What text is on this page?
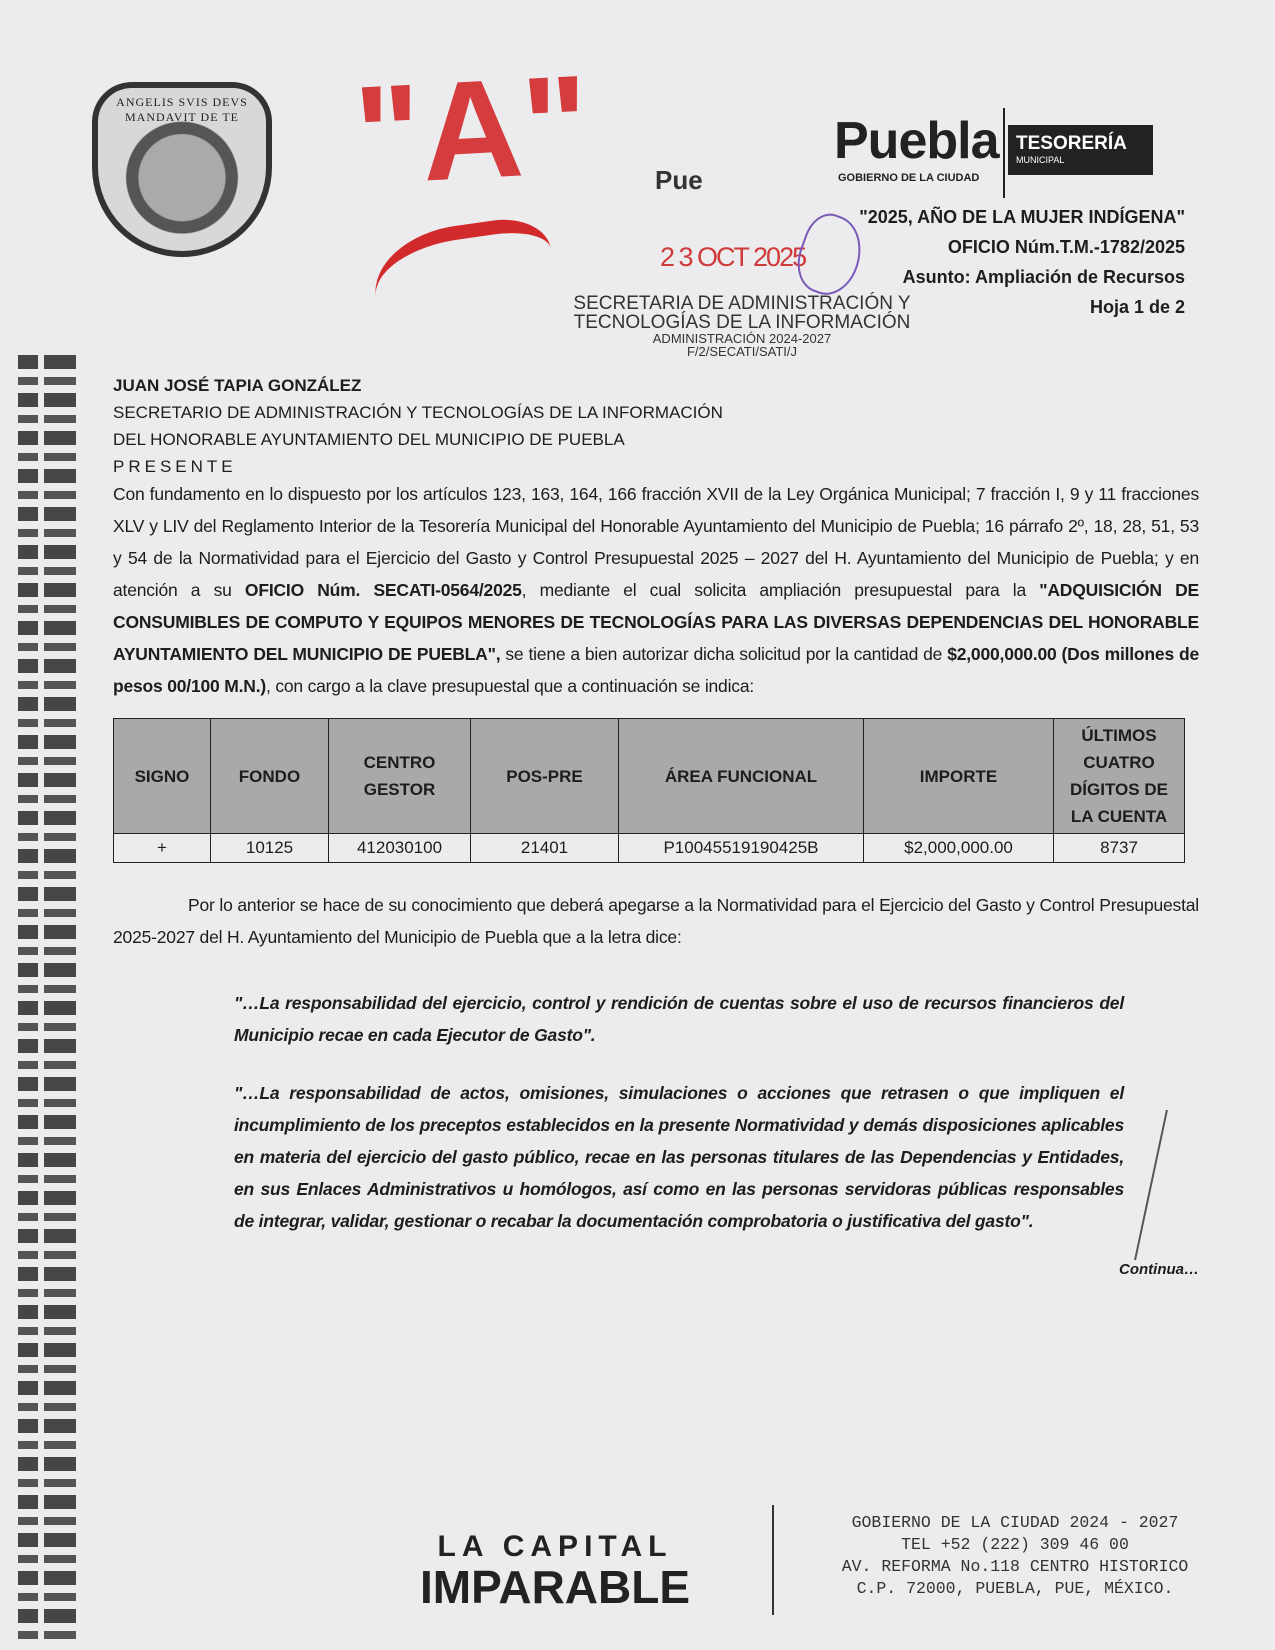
ANGELIS SVIS DEVS MANDAVIT DE TE "A" Pue
Puebla
GOBIERNO DE LA CIUDAD
TESORERÍA
MUNICIPAL
"2025, AÑO DE LA MUJER INDÍGENA"
OFICIO Núm.T.M.-1782/2025
Asunto: Ampliación de Recursos
Hoja 1 de 2
2 3 OCT 2025
SECRETARIA DE ADMINISTRACIÓN Y
TECNOLOGÍAS DE LA INFORMACIÓN
ADMINISTRACIÓN 2024-2027
F/2/SECATI/SATI/J
JUAN JOSÉ TAPIA GONZÁLEZ
SECRETARIO DE ADMINISTRACIÓN Y TECNOLOGÍAS DE LA INFORMACIÓN
DEL HONORABLE AYUNTAMIENTO DEL MUNICIPIO DE PUEBLA
PRESENTE
Con fundamento en lo dispuesto por los artículos 123, 163, 164, 166 fracción XVII de la Ley Orgánica Municipal; 7 fracción I, 9 y 11 fracciones XLV y LIV del Reglamento Interior de la Tesorería Municipal del Honorable Ayuntamiento del Municipio de Puebla; 16 párrafo 2º, 18, 28, 51, 53 y 54 de la Normatividad para el Ejercicio del Gasto y Control Presupuestal 2025 – 2027 del H. Ayuntamiento del Municipio de Puebla; y en atención a su OFICIO Núm. SECATI-0564/2025, mediante el cual solicita ampliación presupuestal para la "ADQUISICIÓN DE CONSUMIBLES DE COMPUTO Y EQUIPOS MENORES DE TECNOLOGÍAS PARA LAS DIVERSAS DEPENDENCIAS DEL HONORABLE AYUNTAMIENTO DEL MUNICIPIO DE PUEBLA", se tiene a bien autorizar dicha solicitud por la cantidad de $2,000,000.00 (Dos millones de pesos 00/100 M.N.), con cargo a la clave presupuestal que a continuación se indica:
SIGNO	FONDO	CENTRO GESTOR	POS-PRE	ÁREA FUNCIONAL	IMPORTE	ÚLTIMOS CUATRO DÍGITOS DE LA CUENTA
+	10125	412030100	21401	P10045519190425B	$2,000,000.00	8737
Por lo anterior se hace de su conocimiento que deberá apegarse a la Normatividad para el Ejercicio del Gasto y Control Presupuestal 2025-2027 del H. Ayuntamiento del Municipio de Puebla que a la letra dice:
"…La responsabilidad del ejercicio, control y rendición de cuentas sobre el uso de recursos financieros del Municipio recae en cada Ejecutor de Gasto".
"…La responsabilidad de actos, omisiones, simulaciones o acciones que retrasen o que impliquen el incumplimiento de los preceptos establecidos en la presente Normatividad y demás disposiciones aplicables en materia del ejercicio del gasto público, recae en las personas titulares de las Dependencias y Entidades, en sus Enlaces Administrativos u homólogos, así como en las personas servidoras públicas responsables de integrar, validar, gestionar o recabar la documentación comprobatoria o justificativa del gasto".
Continua…
LA CAPITAL
IMPARABLE
GOBIERNO DE LA CIUDAD 2024 - 2027
TEL +52 (222) 309 46 00
AV. REFORMA No.118 CENTRO HISTORICO
C.P. 72000, PUEBLA, PUE, MÉXICO.
